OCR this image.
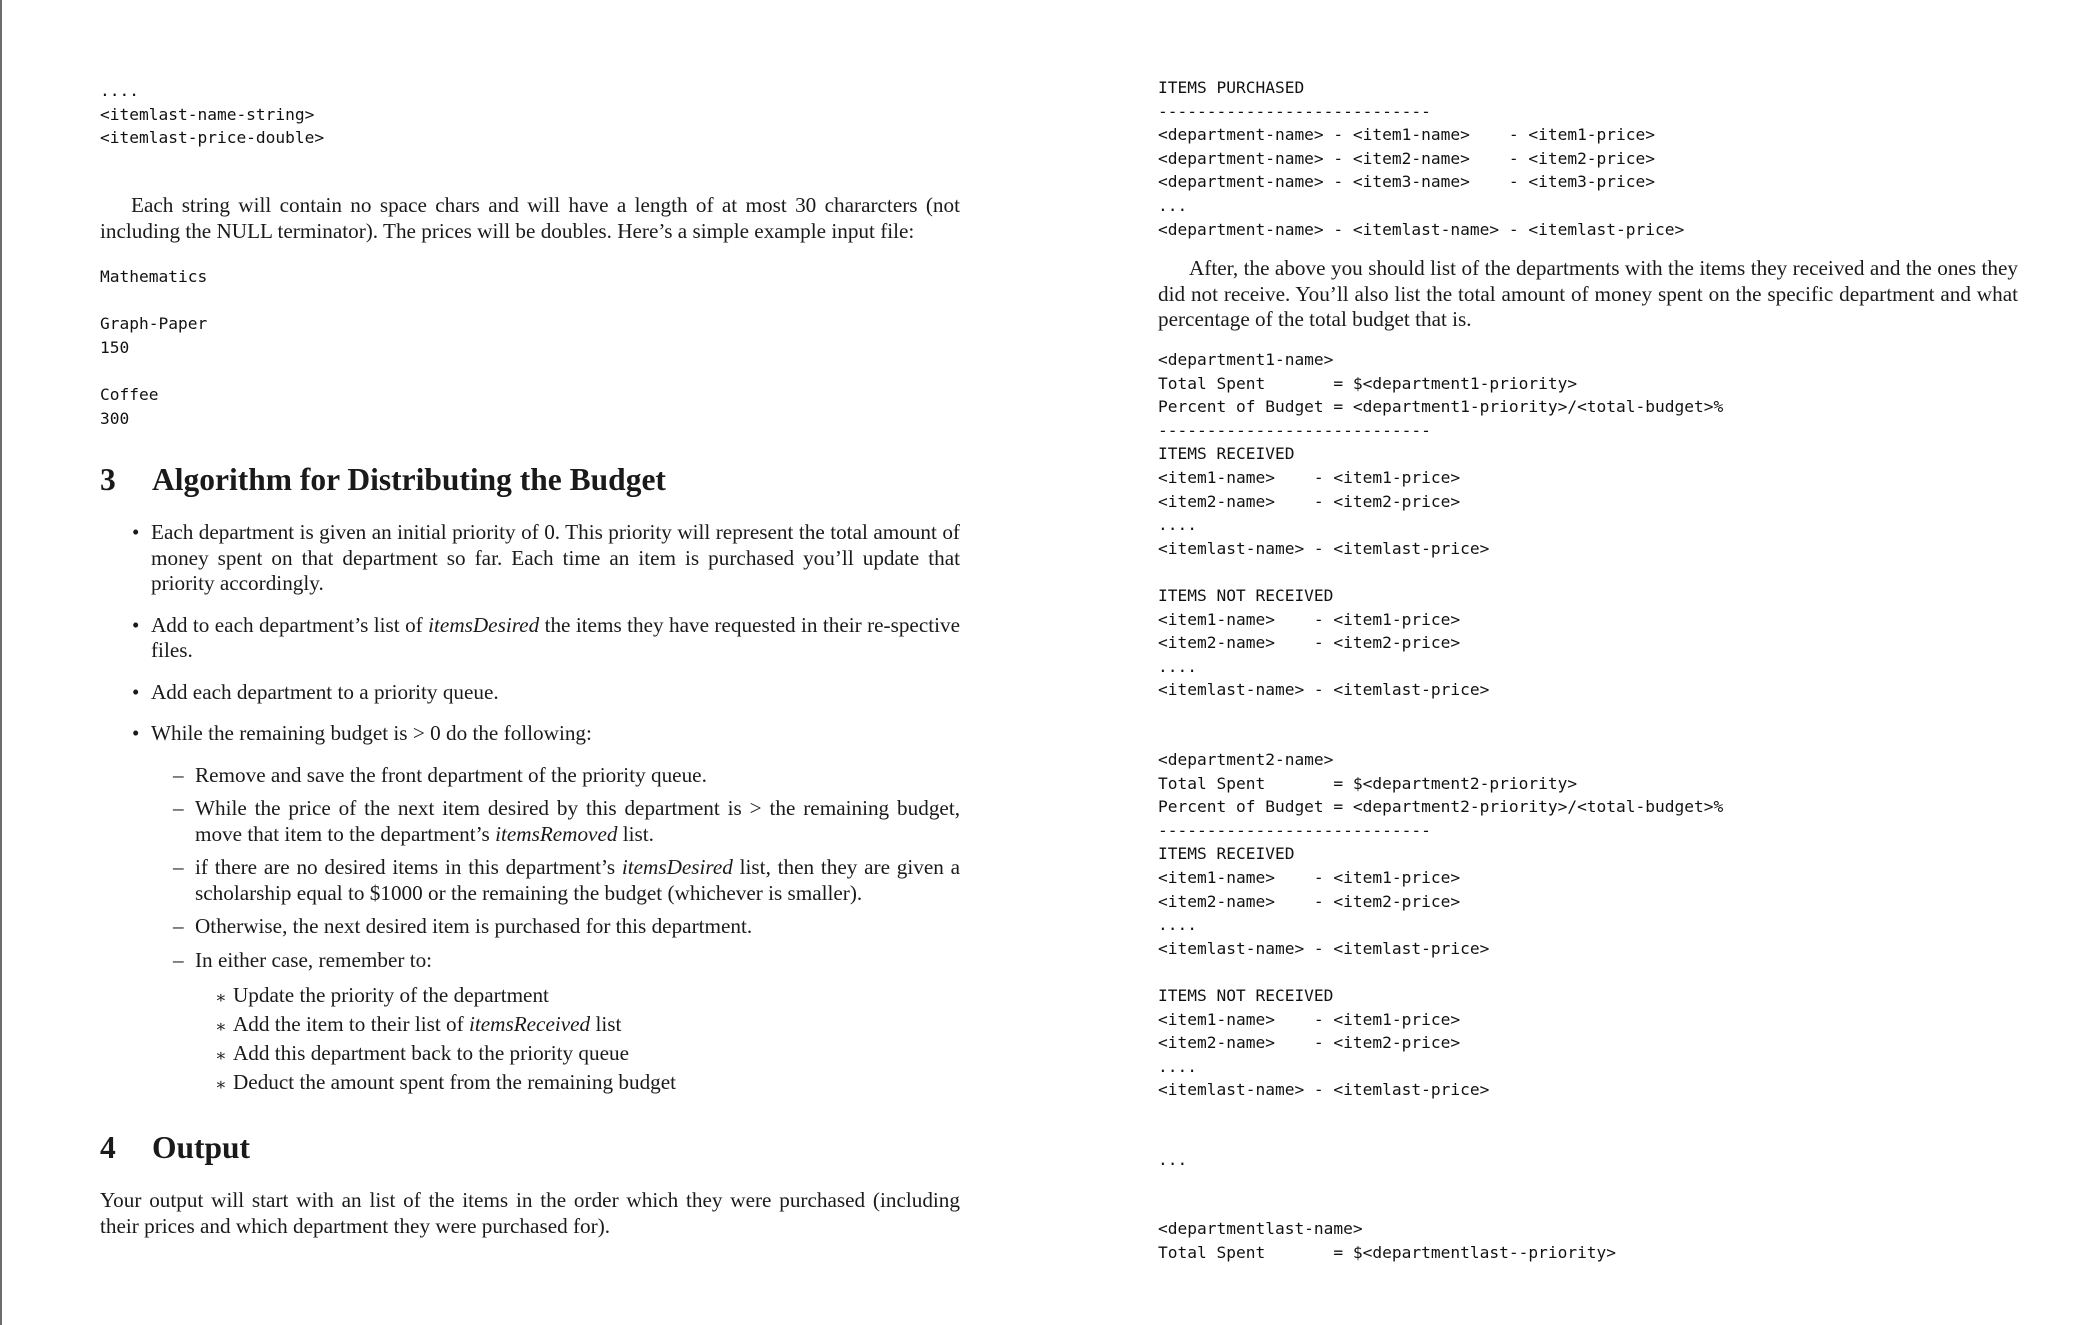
....

<itemlast-name-string>
<itemlast-price-double>

Each string will contain no space chars and will have a length of at most 30 chararcters (not including the NULL terminator). The prices will be doubles. Here’s a simple example input file:

Mathematics

Graph-Paper
150

Coffee
300
3	Algorithm for Distributing the Budget
• Each department is given an initial priority of 0. This priority will represent the total amount of money spent on that department so far. Each time an item is purchased you’ll update that priority accordingly.
• Add to each department’s list of itemsDesired the items they have requested in their re-spective files.
• Add each department to a priority queue.
• While the remaining budget is > 0 do the following:
– Remove and save the front department of the priority queue.
– While the price of the next item desired by this department is > the remaining budget, move that item to the department’s itemsRemoved list.
– if there are no desired items in this department’s itemsDesired list, then they are given a scholarship equal to $1000 or the remaining the budget (whichever is smaller).
– Otherwise, the next desired item is purchased for this department.
– In either case, remember to:
∗ Update the priority of the department
∗ Add the item to their list of itemsReceived list
∗ Add this department back to the priority queue
∗ Deduct the amount spent from the remaining budget
4	Output

Your output will start with an list of the items in the order which they were purchased (including their prices and which department they were purchased for).

ITEMS PURCHASED
----------------------------
<department-name> - <item1-name>    - <item1-price>
<department-name> - <item2-name>    - <item2-price>
<department-name> - <item3-name>    - <item3-price>
...
<department-name> - <itemlast-name> - <itemlast-price>

After, the above you should list of the departments with the items they received and the ones they did not receive. You’ll also list the total amount of money spent on the specific department and what percentage of the total budget that is.

<department1-name>
Total Spent       = $<department1-priority>
Percent of Budget = <department1-priority>/<total-budget>%
----------------------------
ITEMS RECEIVED
<item1-name>    - <item1-price>
<item2-name>    - <item2-price>
....
<itemlast-name> - <itemlast-price>

ITEMS NOT RECEIVED
<item1-name>    - <item1-price>
<item2-name>    - <item2-price>
....
<itemlast-name> - <itemlast-price>
<department2-name>
Total Spent       = $<department2-priority>
Percent of Budget = <department2-priority>/<total-budget>%
----------------------------
ITEMS RECEIVED
<item1-name>    - <item1-price>
<item2-name>    - <item2-price>
....
<itemlast-name> - <itemlast-price>

ITEMS NOT RECEIVED
<item1-name>    - <item1-price>
<item2-name>    - <item2-price>
....
<itemlast-name> - <itemlast-price>
...
<departmentlast-name>
Total Spent       = $<departmentlast--priority>
